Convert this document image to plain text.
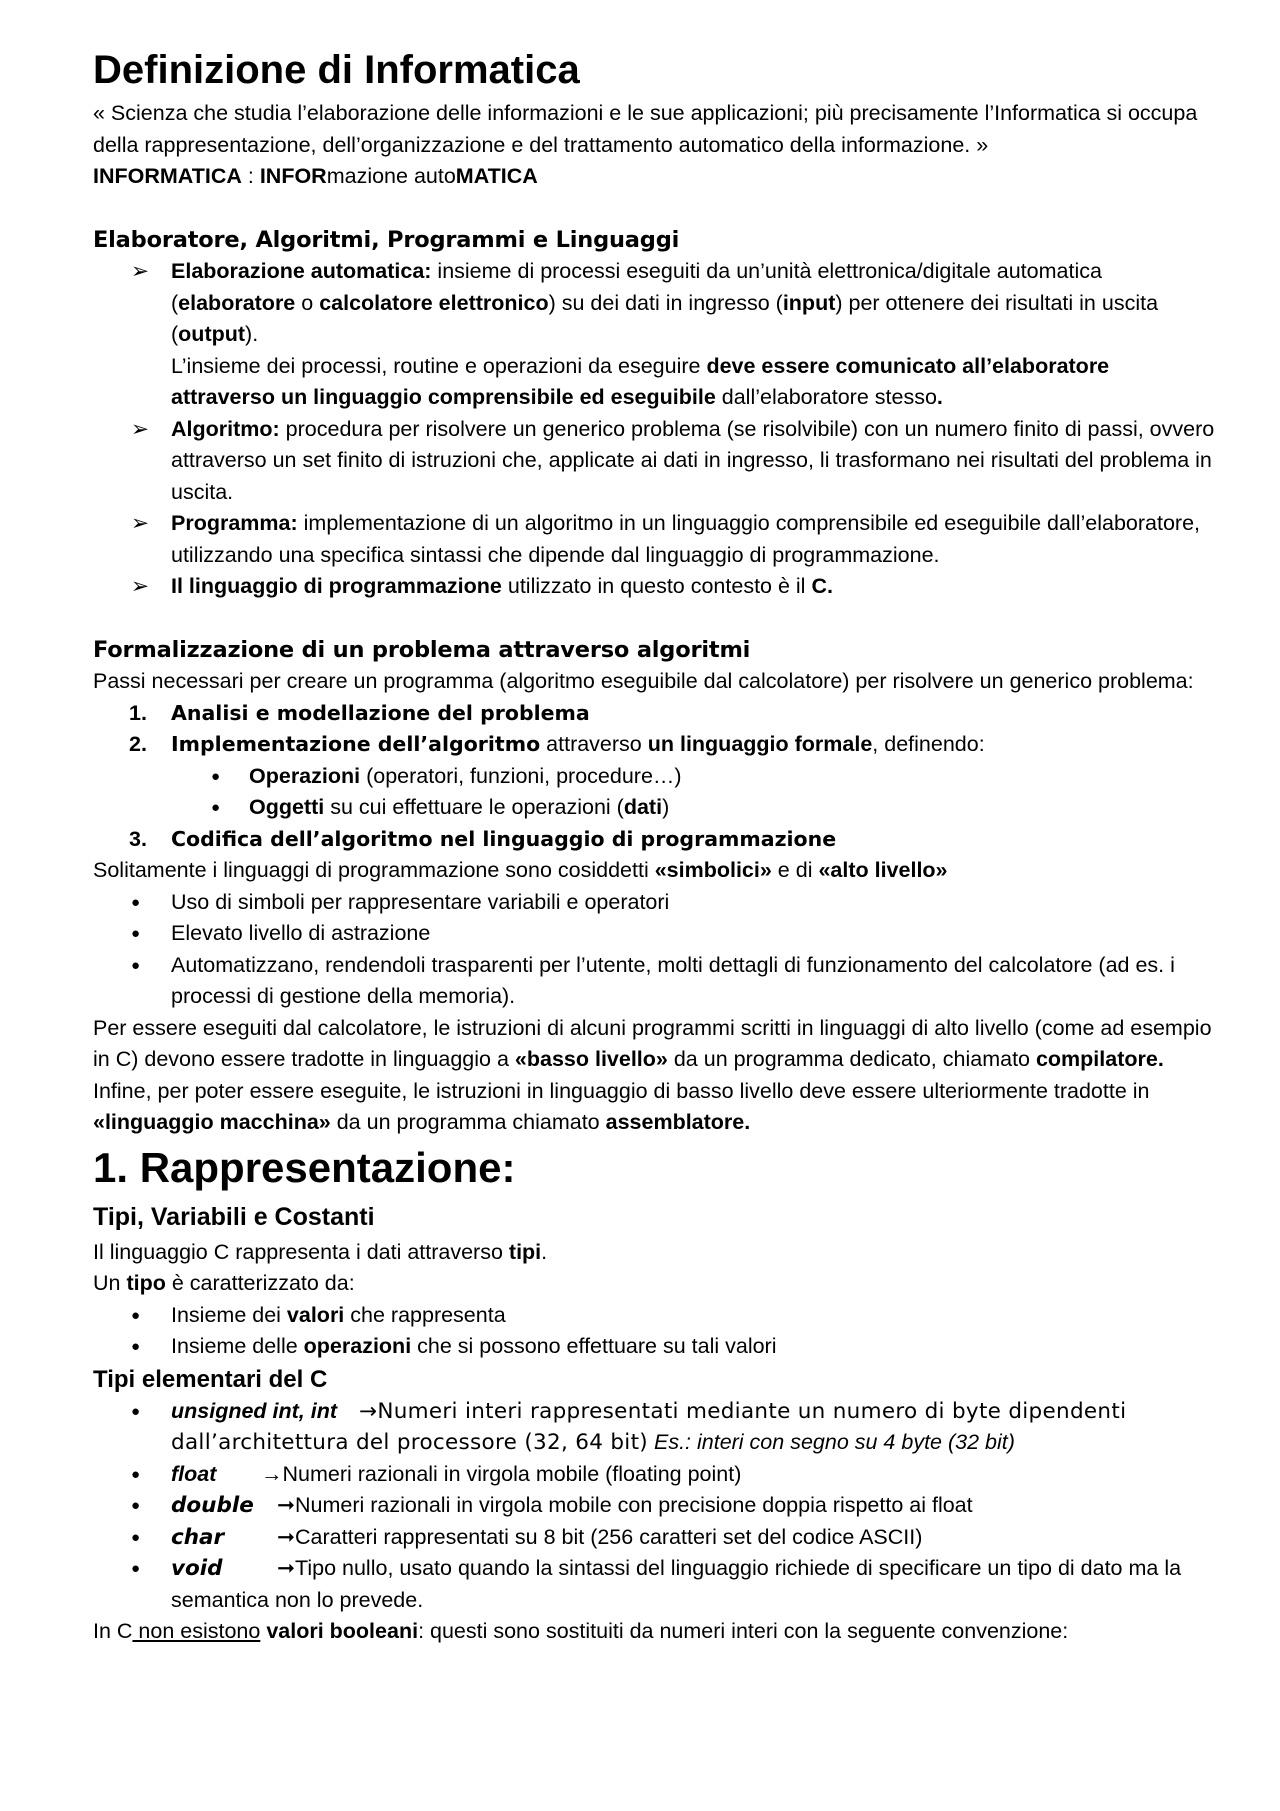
Definizione di Informatica

« Scienza che studia l’elaborazione delle informazioni e le sue applicazioni; più precisamente l’Informatica si occupa della rappresentazione, dell’organizzazione e del trattamento automatico della informazione. »

INFORMATICA : INFORmazione autoMATICA

Elaboratore, Algoritmi, Programmi e Linguaggi
➢	Elaborazione automatica: insieme di processi eseguiti da un’unità elettronica/digitale automatica (elaboratore o calcolatore elettronico) su dei dati in ingresso (input) per ottenere dei risultati in uscita (output).
L’insieme dei processi, routine e operazioni da eseguire deve essere comunicato all’elaboratore attraverso un linguaggio comprensibile ed eseguibile dall’elaboratore stesso.
➢	Algoritmo: procedura per risolvere un generico problema (se risolvibile) con un numero finito di passi, ovvero attraverso un set finito di istruzioni che, applicate ai dati in ingresso, li trasformano nei risultati del problema in uscita.
➢	Programma: implementazione di un algoritmo in un linguaggio comprensibile ed eseguibile dall’elaboratore, utilizzando una specifica sintassi che dipende dal linguaggio di programmazione.
➢	Il linguaggio di programmazione utilizzato in questo contesto è il C.
Formalizzazione di un problema attraverso algoritmi

Passi necessari per creare un programma (algoritmo eseguibile dal calcolatore) per risolvere un generico problema:

1.	Analisi e modellazione del problema
2.	Implementazione dell’algoritmo attraverso un linguaggio formale, definendo:
●	Operazioni (operatori, funzioni, procedure…)
●	Oggetti su cui effettuare le operazioni (dati)
3.	Codifica dell’algoritmo nel linguaggio di programmazione

Solitamente i linguaggi di programmazione sono cosiddetti «simbolici» e di «alto livello»

●	Uso di simboli per rappresentare variabili e operatori
●	Elevato livello di astrazione
●	Automatizzano, rendendoli trasparenti per l’utente, molti dettagli di funzionamento del calcolatore (ad es. i processi di gestione della memoria).

Per essere eseguiti dal calcolatore, le istruzioni di alcuni programmi scritti in linguaggi di alto livello (come ad esempio in C) devono essere tradotte in linguaggio a «basso livello» da un programma dedicato, chiamato compilatore.

Infine, per poter essere eseguite, le istruzioni in linguaggio di basso livello deve essere ulteriormente tradotte in «linguaggio macchina» da un programma chiamato assemblatore.

1. Rappresentazione:
Tipi, Variabili e Costanti

Il linguaggio C rappresenta i dati attraverso tipi.

Un tipo è caratterizzato da:

●	Insieme dei valori che rappresenta
●	Insieme delle operazioni che si possono effettuare su tali valori
Tipi elementari del C
●	unsigned int, int →Numeri interi rappresentati mediante un numero di byte dipendenti dall’architettura del processore (32, 64 bit) Es.: interi con segno su 4 byte (32 bit)
●	float →Numeri razionali in virgola mobile (floating point)
●	double ➞Numeri razionali in virgola mobile con precisione doppia rispetto ai float
●	char ➞Caratteri rappresentati su 8 bit (256 caratteri set del codice ASCII)
●	void	➞Tipo nullo, usato quando la sintassi del linguaggio richiede di specificare un tipo di dato ma la semantica non lo prevede.

In C non esistono valori booleani: questi sono sostituiti da numeri interi con la seguente convenzione:
